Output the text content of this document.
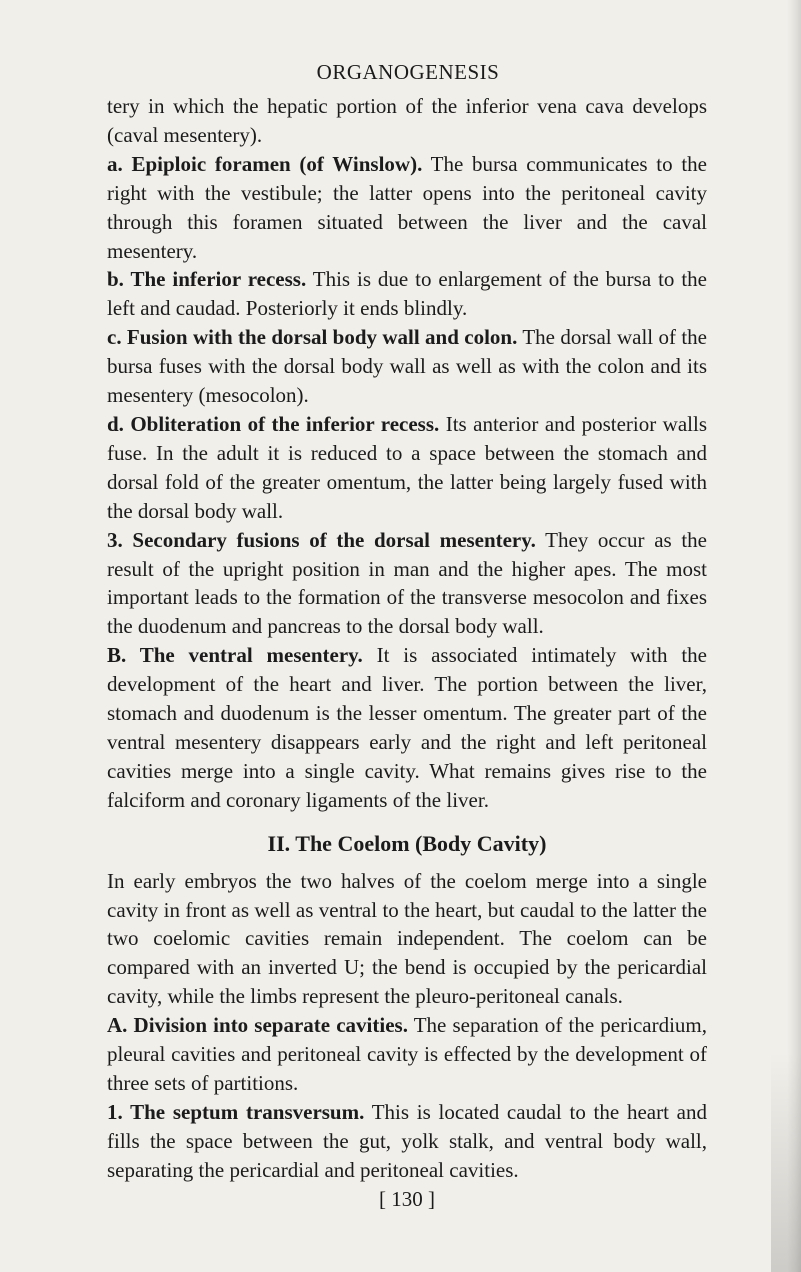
ORGANOGENESIS

tery in which the hepatic portion of the inferior vena cava develops (caval mesentery).

a. Epiploic foramen (of Winslow). The bursa communicates to the right with the vestibule; the latter opens into the peritoneal cavity through this foramen situated between the liver and the caval mesentery.

b. The inferior recess. This is due to enlargement of the bursa to the left and caudad. Posteriorly it ends blindly.

c. Fusion with the dorsal body wall and colon. The dorsal wall of the bursa fuses with the dorsal body wall as well as with the colon and its mesentery (mesocolon).

d. Obliteration of the inferior recess. Its anterior and posterior walls fuse. In the adult it is reduced to a space between the stomach and dorsal fold of the greater omentum, the latter being largely fused with the dorsal body wall.

3. Secondary fusions of the dorsal mesentery. They occur as the result of the upright position in man and the higher apes. The most important leads to the formation of the transverse mesocolon and fixes the duodenum and pancreas to the dorsal body wall.

B. The ventral mesentery. It is associated intimately with the development of the heart and liver. The portion between the liver, stomach and duodenum is the lesser omentum. The greater part of the ventral mesentery disappears early and the right and left peritoneal cavities merge into a single cavity. What remains gives rise to the falciform and coronary ligaments of the liver.

II. The Coelom (Body Cavity)

In early embryos the two halves of the coelom merge into a single cavity in front as well as ventral to the heart, but caudal to the latter the two coelomic cavities remain independent. The coelom can be compared with an inverted U; the bend is occupied by the pericardial cavity, while the limbs represent the pleuro-peritoneal canals.

A. Division into separate cavities. The separation of the pericardium, pleural cavities and peritoneal cavity is effected by the development of three sets of partitions.

1. The septum transversum. This is located caudal to the heart and fills the space between the gut, yolk stalk, and ventral body wall, separating the pericardial and peritoneal cavities.

[ 130 ]
